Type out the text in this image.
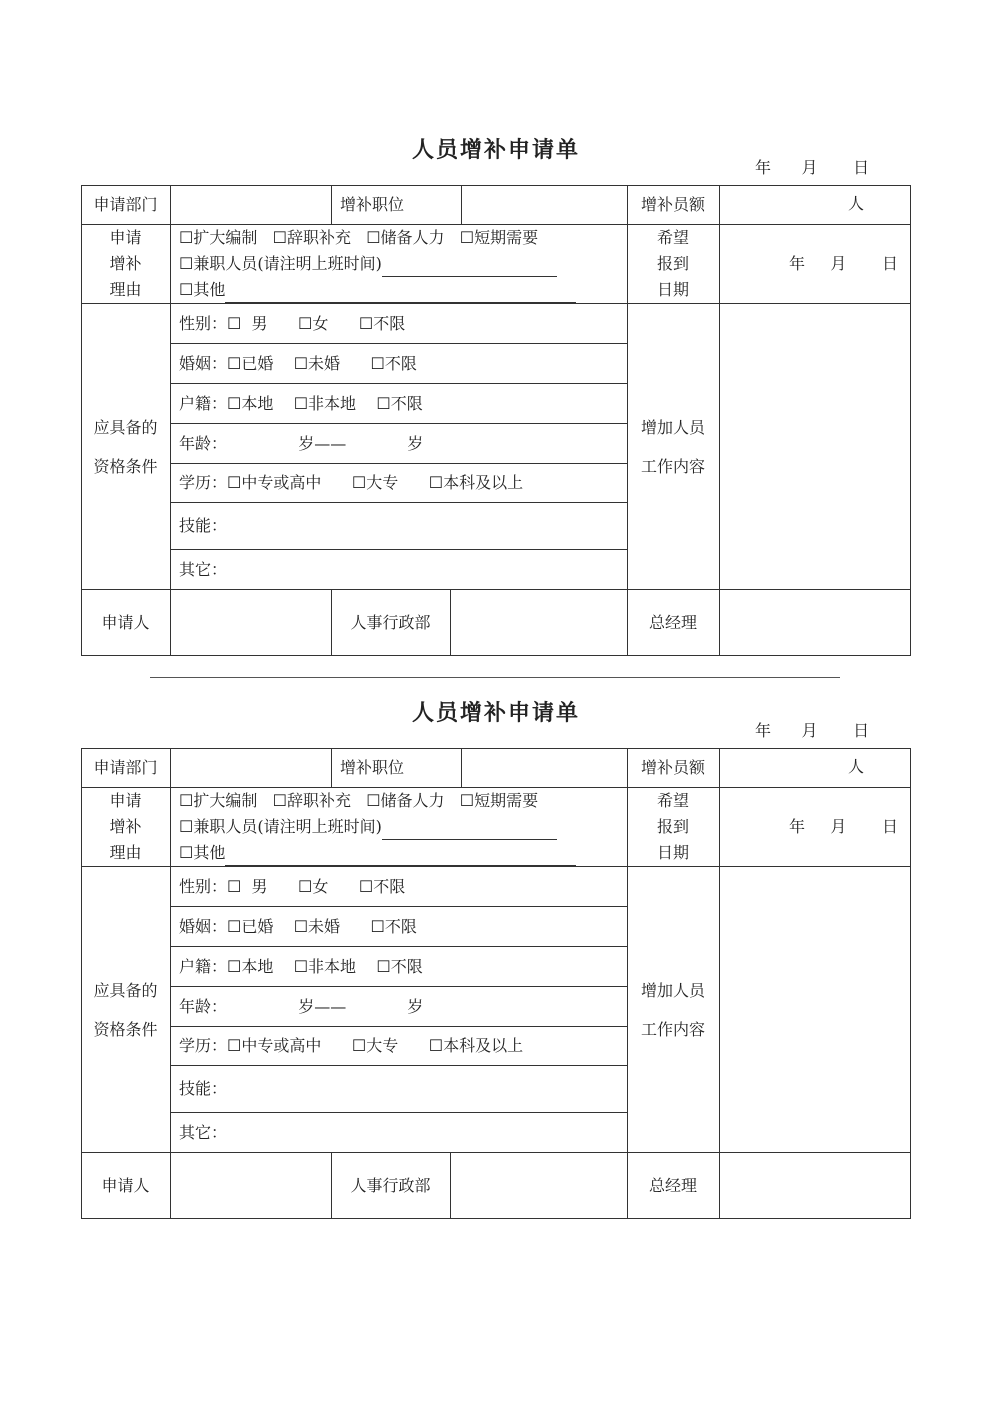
人员增补申请单
年      月       日
申请部门	增补职位	增补员额	人
申请
增补
理由
☐扩大编制   ☐辞职补充   ☐储备人力   ☐短期需要
☐兼职人员(请注明上班时间)
☐其他
希望
报到
日期
年     月       日
应具备的
资格条件
性别：☐  男      ☐女      ☐不限
婚姻：☐已婚    ☐未婚      ☐不限
户籍：☐本地    ☐非本地    ☐不限
年龄：              岁——            岁
学历：☐中专或高中      ☐大专      ☐本科及以上
技能：
其它：
增加人员
工作内容
申请人	人事行政部	总经理
人员增补申请单
年      月       日
申请部门	增补职位	增补员额	人
申请
增补
理由
☐扩大编制   ☐辞职补充   ☐储备人力   ☐短期需要
☐兼职人员(请注明上班时间)
☐其他
希望
报到
日期
年     月       日
应具备的
资格条件
性别：☐  男      ☐女      ☐不限
婚姻：☐已婚    ☐未婚      ☐不限
户籍：☐本地    ☐非本地    ☐不限
年龄：              岁——            岁
学历：☐中专或高中      ☐大专      ☐本科及以上
技能：
其它：
增加人员
工作内容
申请人	人事行政部	总经理
